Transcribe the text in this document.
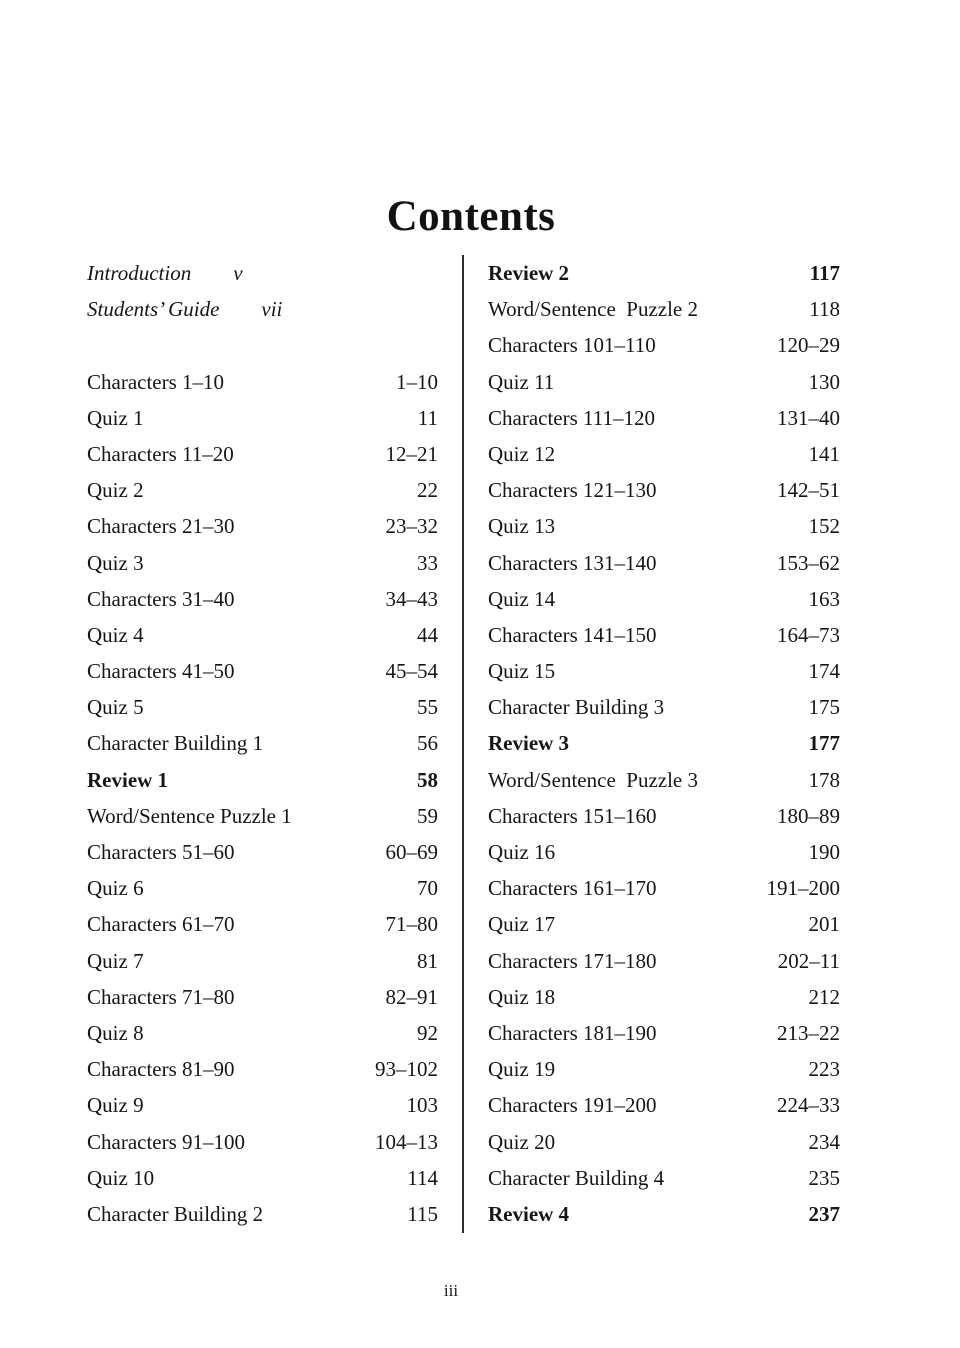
Contents
Introduction v
Students’ Guide vii
Characters 1–10	1–10
Quiz 1	11
Characters 11–20	12–21
Quiz 2	22
Characters 21–30	23–32
Quiz 3	33
Characters 31–40	34–43
Quiz 4	44
Characters 41–50	45–54
Quiz 5	55
Character Building 1	56
Review 1	58
Word/Sentence Puzzle 1	59
Characters 51–60	60–69
Quiz 6	70
Characters 61–70	71–80
Quiz 7	81
Characters 71–80	82–91
Quiz 8	92
Characters 81–90	93–102
Quiz 9	103
Characters 91–100	104–13
Quiz 10	114
Character Building 2	115
Review 2	117
Word/Sentence  Puzzle 2	118
Characters 101–110	120–29
Quiz 11	130
Characters 111–120	131–40
Quiz 12	141
Characters 121–130	142–51
Quiz 13	152
Characters 131–140	153–62
Quiz 14	163
Characters 141–150	164–73
Quiz 15	174
Character Building 3	175
Review 3	177
Word/Sentence  Puzzle 3	178
Characters 151–160	180–89
Quiz 16	190
Characters 161–170	191–200
Quiz 17	201
Characters 171–180	202–11
Quiz 18	212
Characters 181–190	213–22
Quiz 19	223
Characters 191–200	224–33
Quiz 20	234
Character Building 4	235
Review 4	237
iii
